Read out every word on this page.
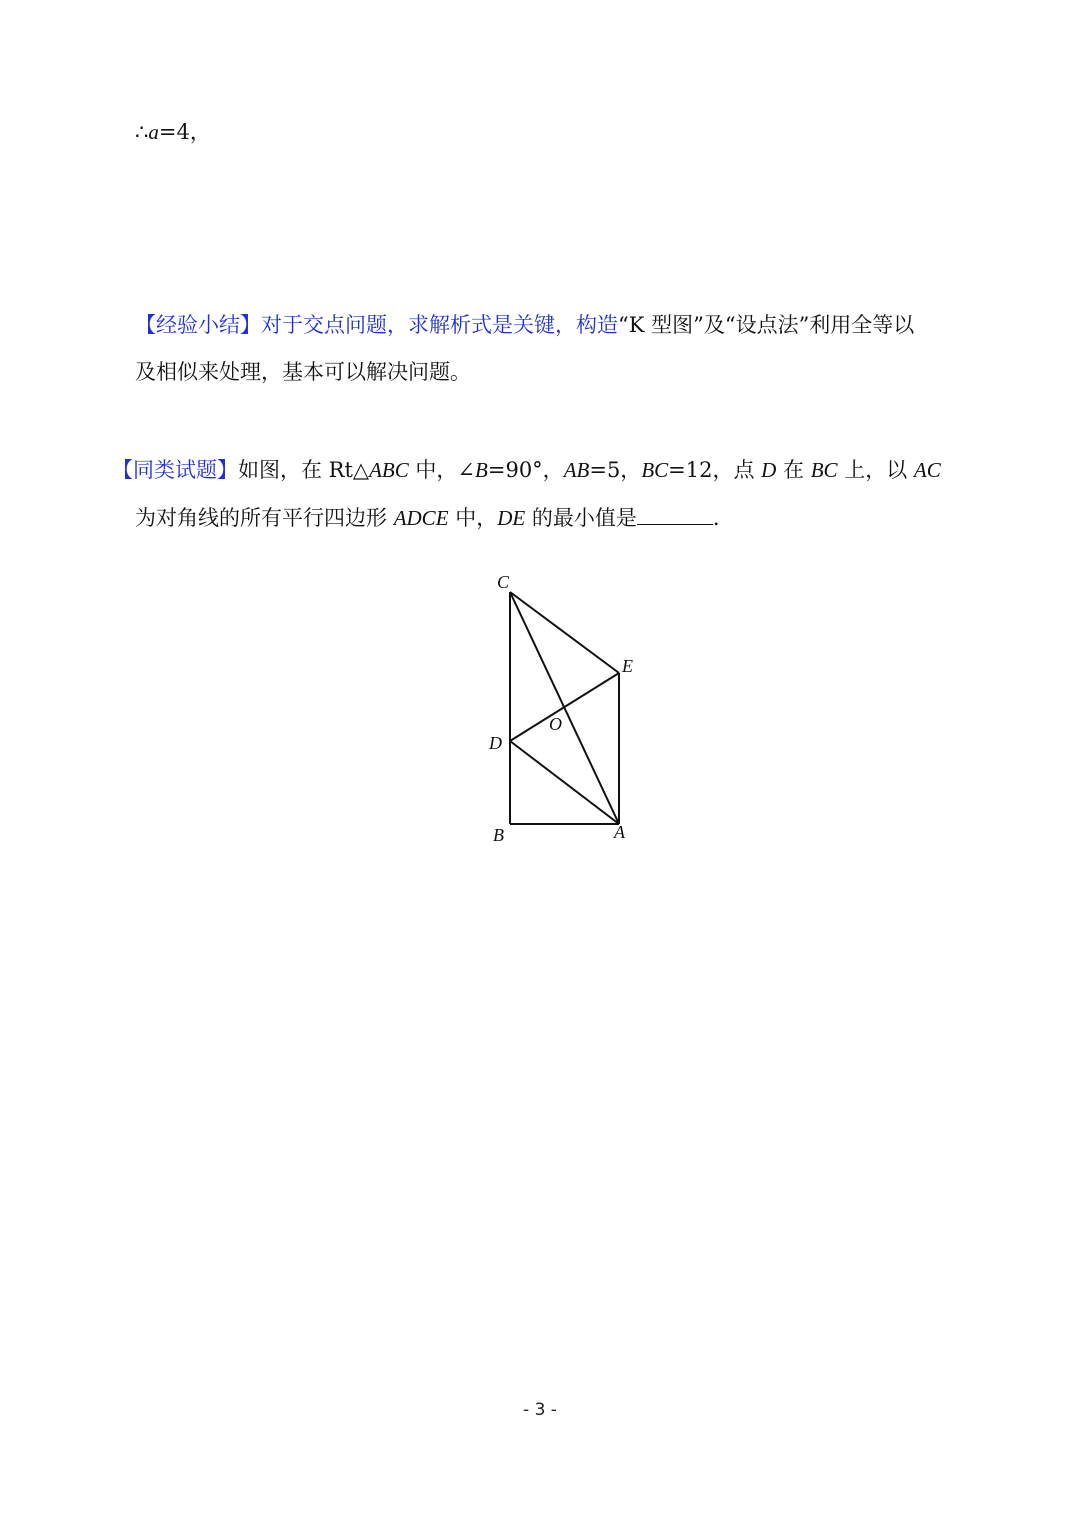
∴a=4，
【经验小结】对于交点问题，求解析式是关键，构造“K 型图”及“设点法”利用全等以
及相似来处理，基本可以解决问题。
【同类试题】如图，在 Rt△ABC 中，∠B=90°，AB=5，BC=12，点 D 在 BC 上，以 AC
为对角线的所有平行四边形 ADCE 中，DE 的最小值是	.
C
E
O
D
B	A
- 3 -
